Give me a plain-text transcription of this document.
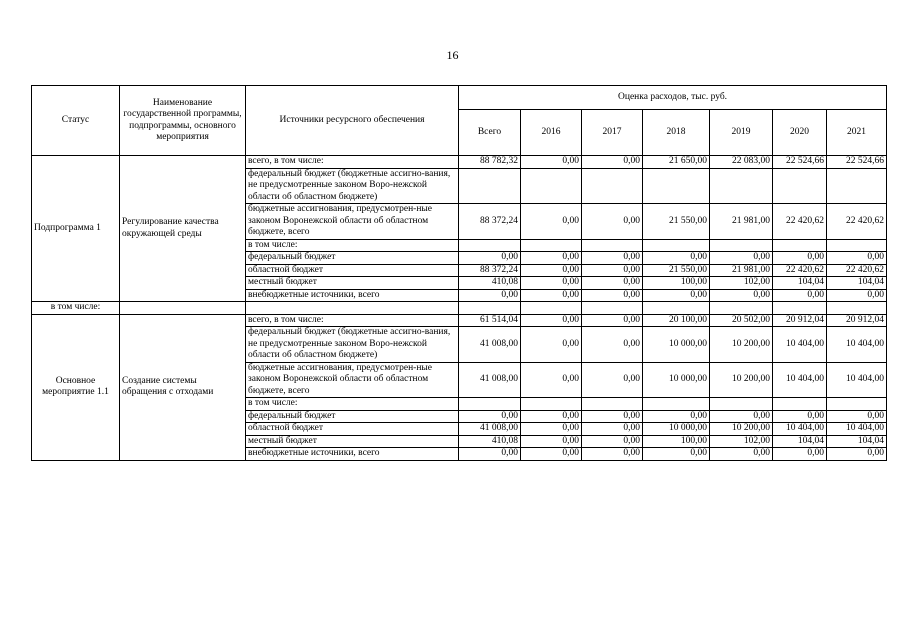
16
Статус	Наименование государственной программы, подпрограммы, основного мероприятия	Источники ресурсного обеспечения	Оценка расходов, тыс. руб.						
			Всего	2016	2017	2018	2019	2020	2021
Подпрограмма 1	Регулирование качества окружающей среды	всего, в том числе:	88 782,32	0,00	0,00	21 650,00	22 083,00	22 524,66	22 524,66
		федеральный бюджет (бюджетные ассигно-вания, не предусмотренные законом Воро-нежской области об областном бюджете)							
		бюджетные ассигнования, предусмотрен-ные законом Воронежской области об областном бюджете, всего	88 372,24	0,00	0,00	21 550,00	21 981,00	22 420,62	22 420,62
		в том числе:							
		федеральный бюджет	0,00	0,00	0,00	0,00	0,00	0,00	0,00
		областной бюджет	88 372,24	0,00	0,00	21 550,00	21 981,00	22 420,62	22 420,62
		местный бюджет	410,08	0,00	0,00	100,00	102,00	104,04	104,04
		внебюджетные источники, всего	0,00	0,00	0,00	0,00	0,00	0,00	0,00
в том числе:									
Основное мероприятие 1.1	Создание системы обращения с отходами	всего, в том числе:	61 514,04	0,00	0,00	20 100,00	20 502,00	20 912,04	20 912,04
		федеральный бюджет (бюджетные ассигно-вания, не предусмотренные законом Воро-нежской области об областном бюджете)	41 008,00	0,00	0,00	10 000,00	10 200,00	10 404,00	10 404,00
		бюджетные ассигнования, предусмотрен-ные законом Воронежской области об областном бюджете, всего	41 008,00	0,00	0,00	10 000,00	10 200,00	10 404,00	10 404,00
		в том числе:							
		федеральный бюджет	0,00	0,00	0,00	0,00	0,00	0,00	0,00
		областной бюджет	41 008,00	0,00	0,00	10 000,00	10 200,00	10 404,00	10 404,00
		местный бюджет	410,08	0,00	0,00	100,00	102,00	104,04	104,04
		внебюджетные источники, всего	0,00	0,00	0,00	0,00	0,00	0,00	0,00
